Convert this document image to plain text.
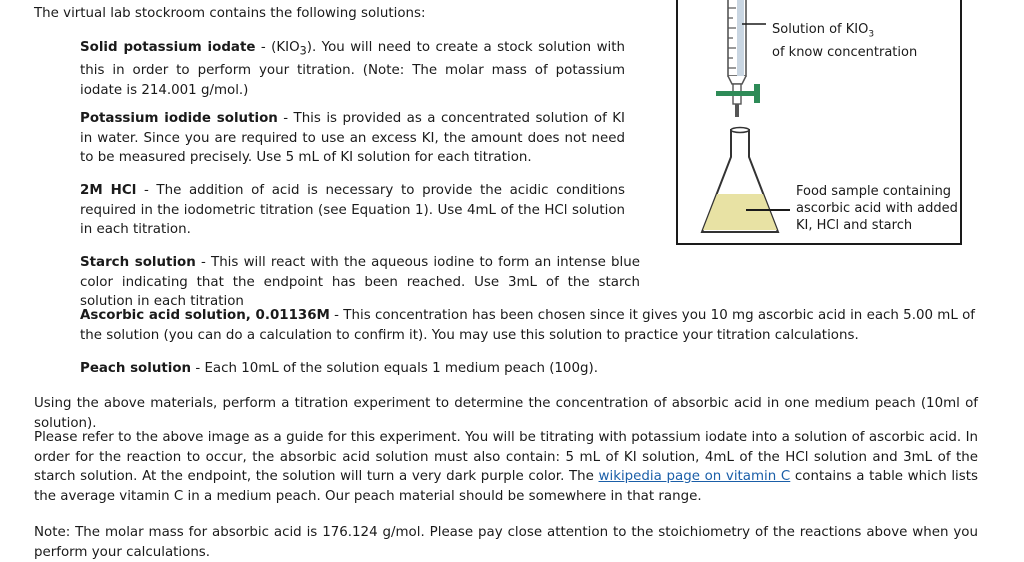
The virtual lab stockroom contains the following solutions:

Solid potassium iodate - $(KIO_3)$. You will need to create a stock solution with this in order to perform your titration. (Note: The molar mass of potassium iodate is 214.001 g/mol.)

Potassium iodide solution - This is provided as a concentrated solution of KI in water. Since you are required to use an excess KI, the amount does not need to be measured precisely. Use 5 mL of KI solution for each titration.

2M HCl - The addition of acid is necessary to provide the acidic conditions required in the iodometric titration (see Equation 1). Use 4mL of the HCl solution in each titration.

Starch solution - This will react with the aqueous iodine to form an intense blue color indicating that the endpoint has been reached. Use 3mL of the starch solution in each titration

Ascorbic acid solution, 0.01136M - This concentration has been chosen since it gives you 10 mg ascorbic acid in each 5.00 mL of the solution (you can do a calculation to confirm it). You may use this solution to practice your titration calculations.

Peach solution - Each 10mL of the solution equals 1 medium peach (100g).

Using the above materials, perform a titration experiment to determine the concentration of absorbic acid in one medium peach (10ml of solution).

Please refer to the above image as a guide for this experiment. You will be titrating with potassium iodate into a solution of ascorbic acid. In order for the reaction to occur, the absorbic acid solution must also contain: 5 mL of KI solution, 4mL of the HCl solution and 3mL of the starch solution. At the endpoint, the solution will turn a very dark purple color. The wikipedia page on vitamin C contains a table which lists the average vitamin C in a medium peach. Our peach material should be somewhere in that range.

Note: The molar mass for absorbic acid is 176.124 g/mol. Please pay close attention to the stoichiometry of the reactions above when you perform your calculations.

Solution of $KIO_3$
of know concentration
Food sample containing
ascorbic acid with added
KI, HCl and starch
